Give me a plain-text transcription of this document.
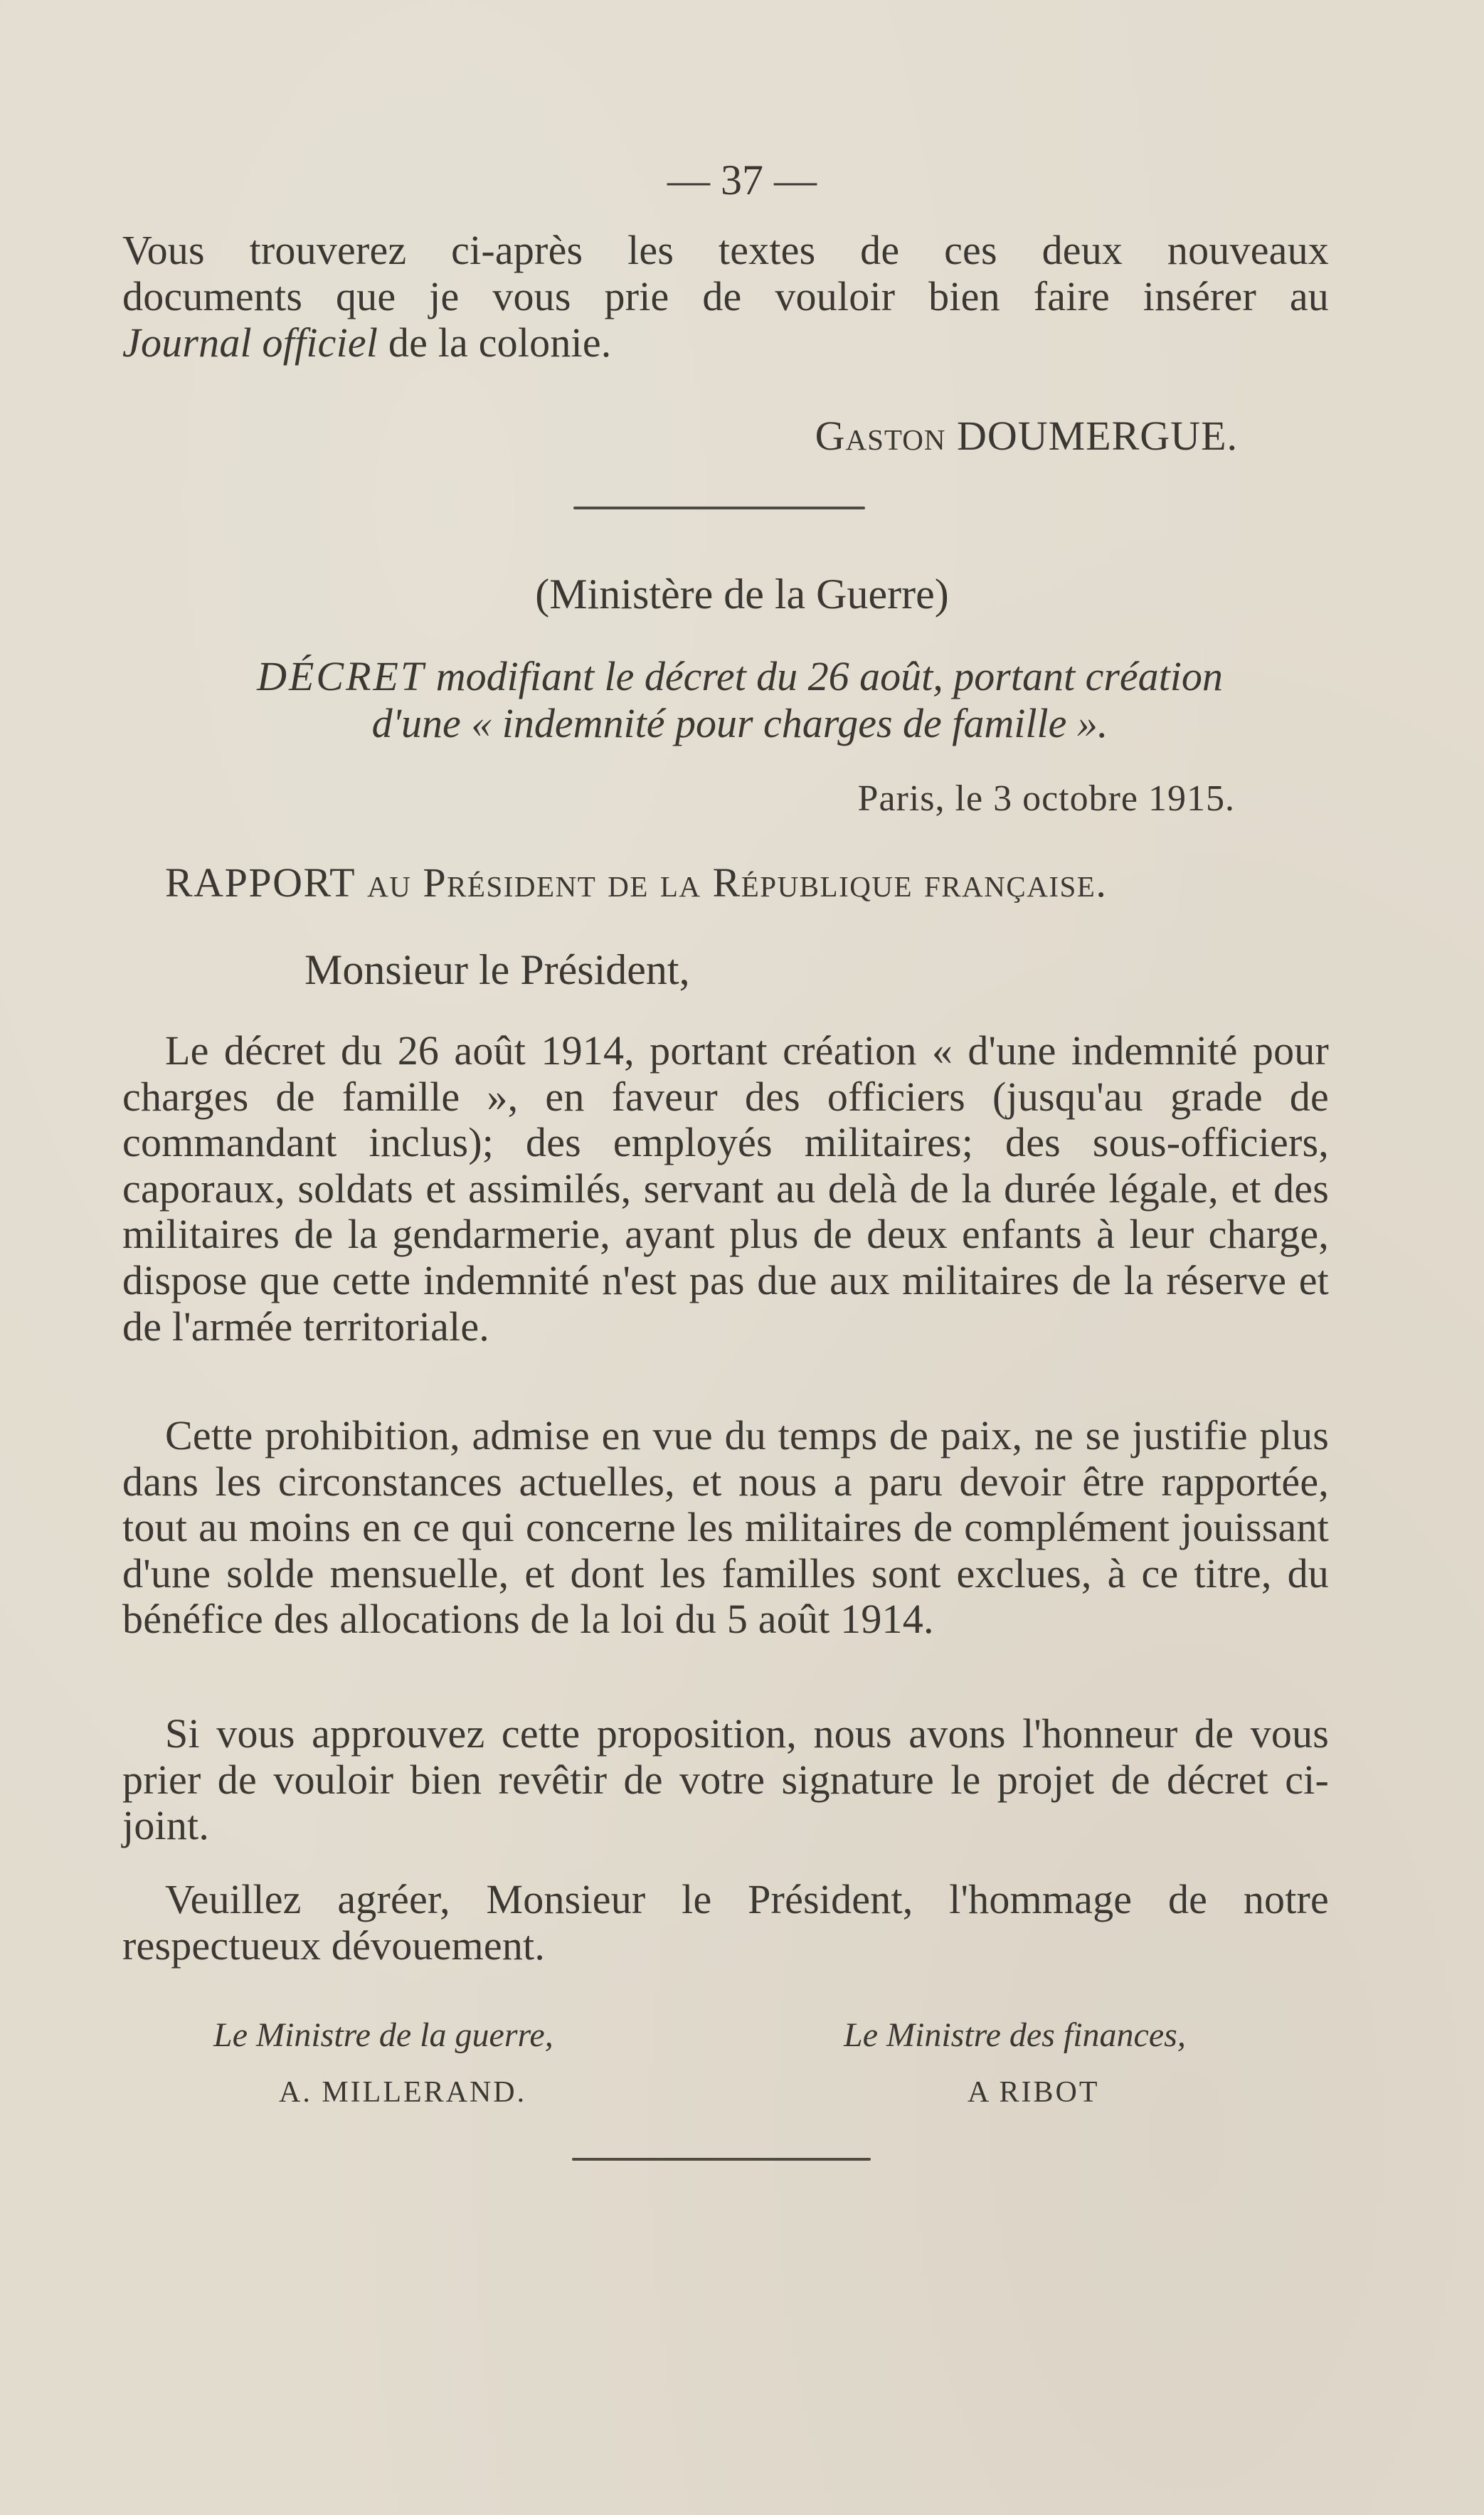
— 37 —
Vous trouverez ci-après les textes de ces deux nouveaux
documents que je vous prie de vouloir bien faire insérer au
Journal officiel de la colonie.
Gaston DOUMERGUE.
(Ministère de la Guerre)
DÉCRET modifiant le décret du 26 août, portant création
d'une « indemnité pour charges de famille ».
Paris, le 3 octobre 1915.
RAPPORT au Président de la République française.
Monsieur le Président,
Le décret du 26 août 1914, portant création « d'une indemnité pour charges de famille », en faveur des officiers (jusqu'au grade de commandant inclus); des employés militaires; des sous-officiers, caporaux, soldats et assimilés, servant au delà de la durée légale, et des militaires de la gendarmerie, ayant plus de deux enfants à leur charge, dispose que cette indemnité n'est pas due aux militaires de la réserve et de l'armée territoriale.
Cette prohibition, admise en vue du temps de paix, ne se justifie plus dans les circonstances actuelles, et nous a paru devoir être rapportée, tout au moins en ce qui concerne les militaires de complément jouissant d'une solde mensuelle, et dont les familles sont exclues, à ce titre, du bénéfice des allocations de la loi du 5 août 1914.
Si vous approuvez cette proposition, nous avons l'honneur de vous prier de vouloir bien revêtir de votre signature le projet de décret ci-joint.
Veuillez agréer, Monsieur le Président, l'hommage de notre respectueux dévouement.
Le Ministre de la guerre,
A. MILLERAND.
Le Ministre des finances,
A RIBOT
